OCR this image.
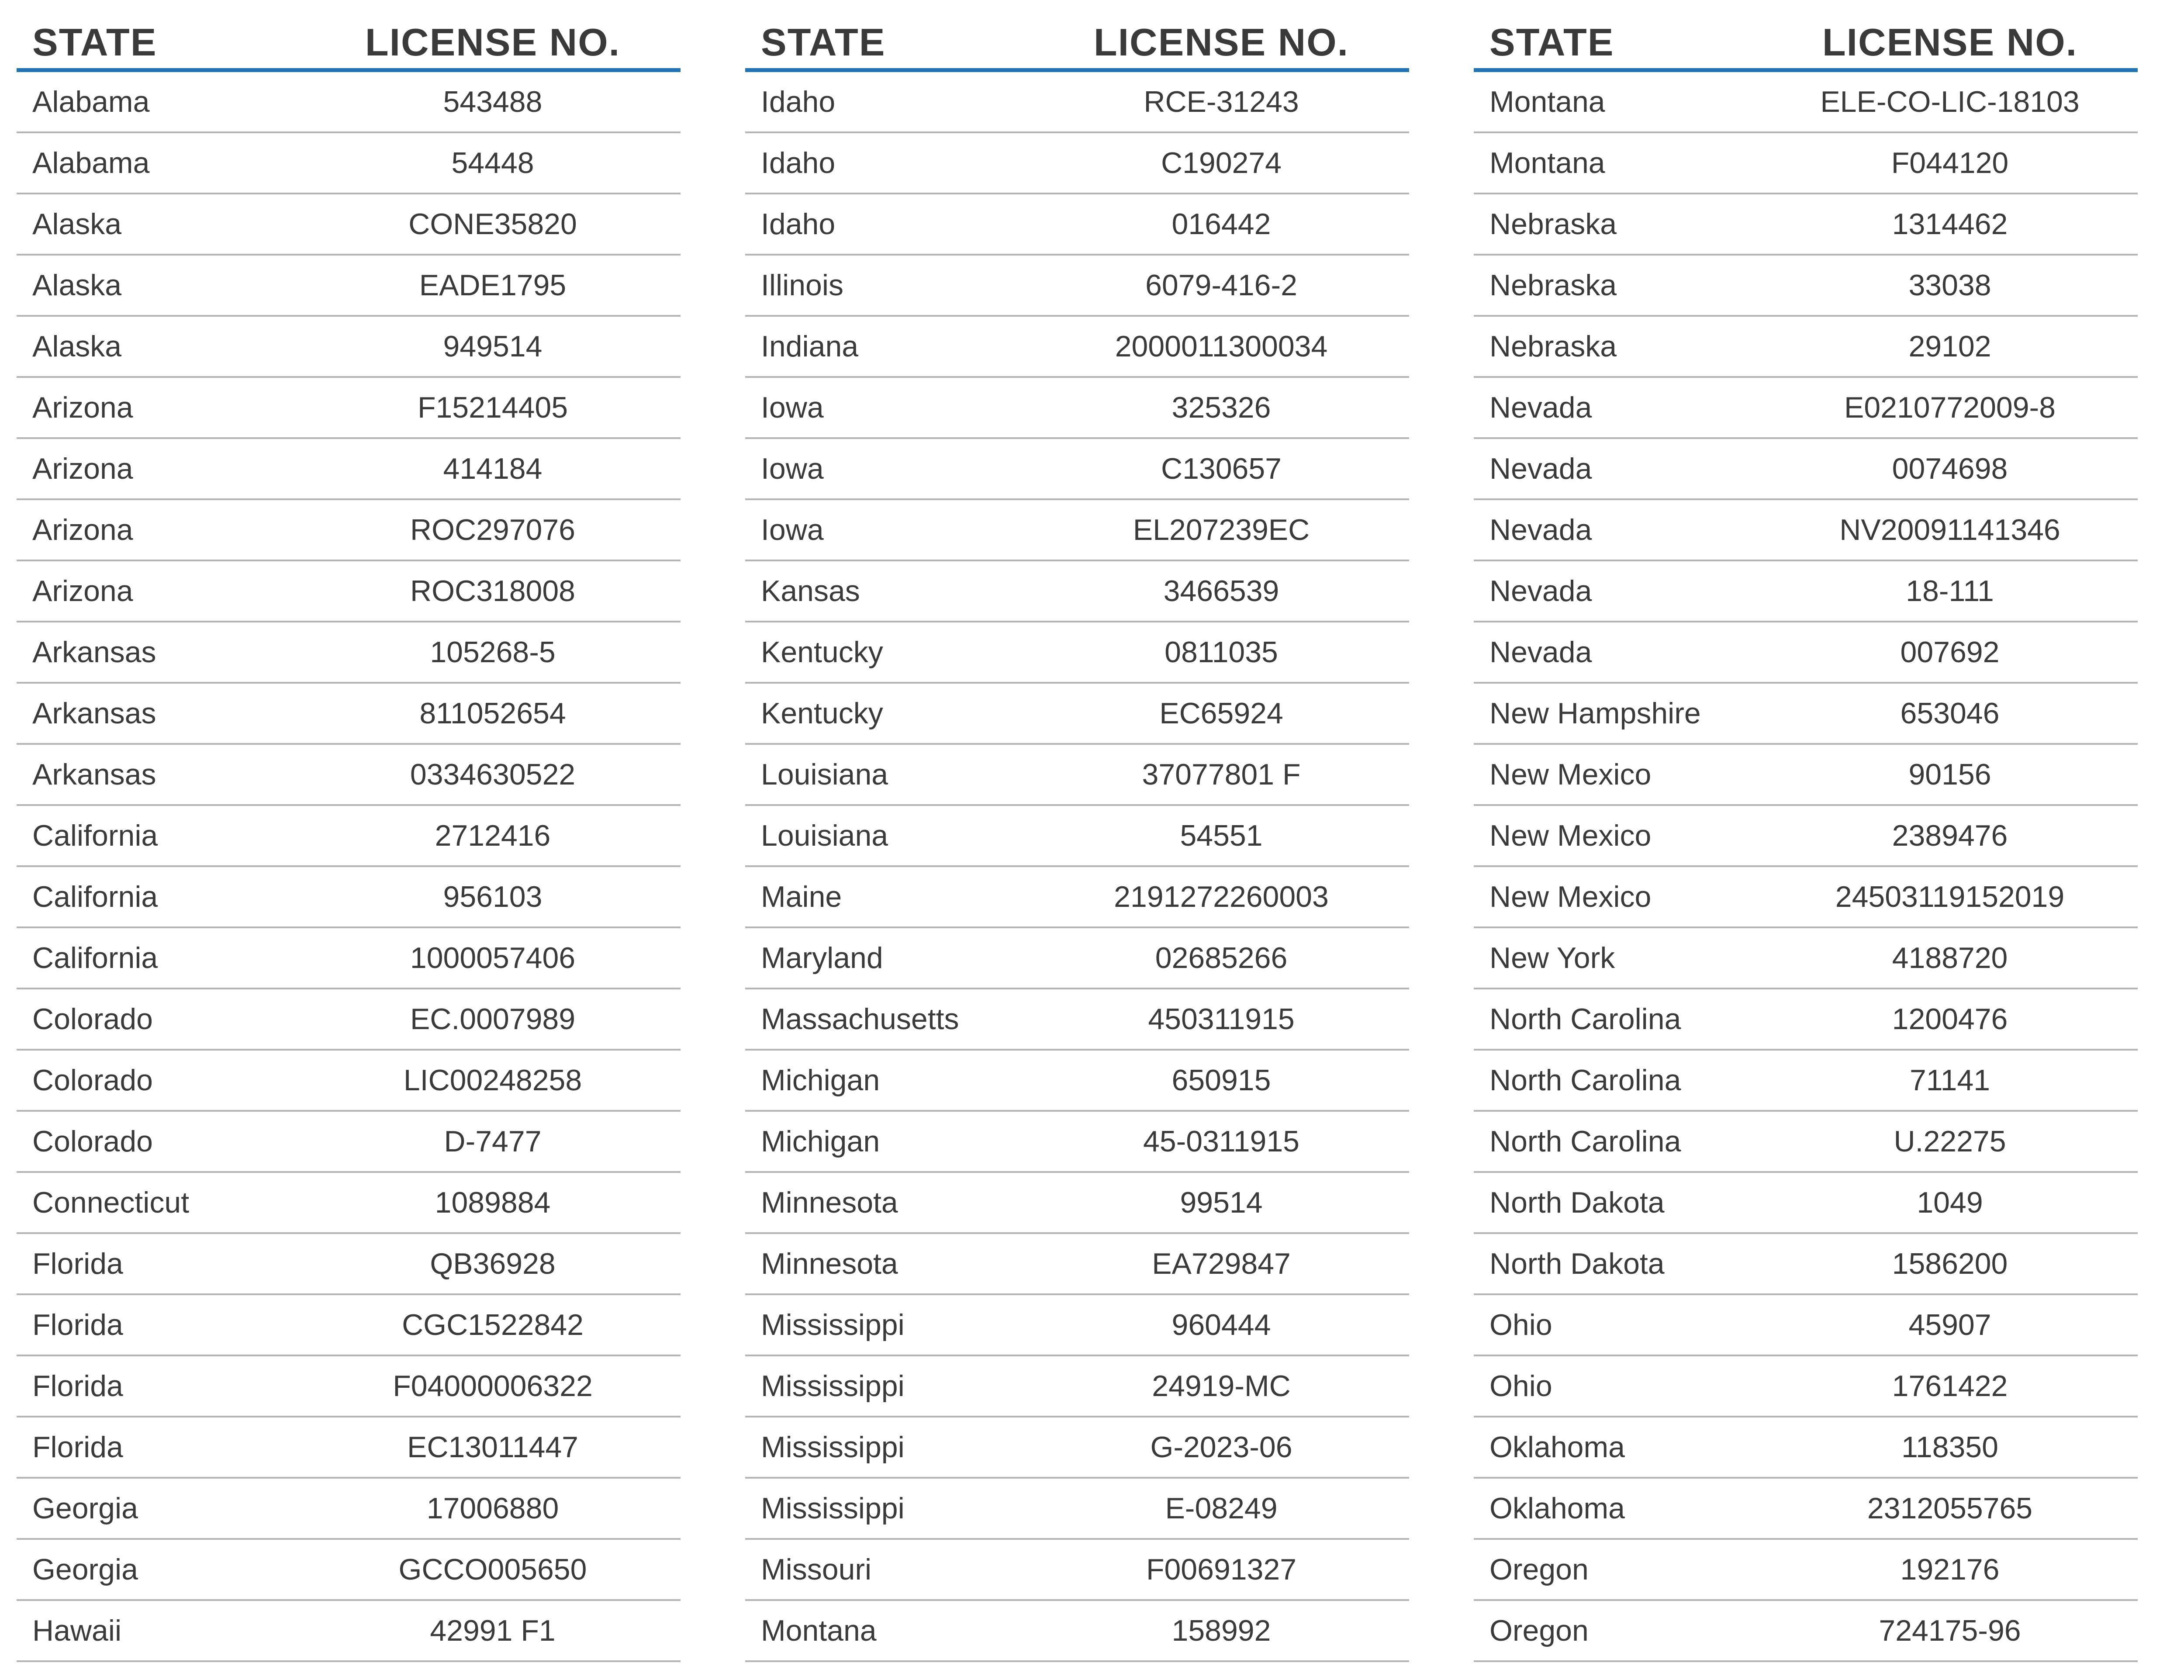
STATE	LICENSE NO.
Alabama	543488
Alabama	54448
Alaska	CONE35820
Alaska	EADE1795
Alaska	949514
Arizona	F15214405
Arizona	414184
Arizona	ROC297076
Arizona	ROC318008
Arkansas	105268-5
Arkansas	811052654
Arkansas	0334630522
California	2712416
California	956103
California	1000057406
Colorado	EC.0007989
Colorado	LIC00248258
Colorado	D-7477
Connecticut	1089884
Florida	QB36928
Florida	CGC1522842
Florida	F04000006322
Florida	EC13011447
Georgia	17006880
Georgia	GCCO005650
Hawaii	42991 F1
STATE	LICENSE NO.
Idaho	RCE-31243
Idaho	C190274
Idaho	016442
Illinois	6079-416-2
Indiana	2000011300034
Iowa	325326
Iowa	C130657
Iowa	EL207239EC
Kansas	3466539
Kentucky	0811035
Kentucky	EC65924
Louisiana	37077801 F
Louisiana	54551
Maine	2191272260003
Maryland	02685266
Massachusetts	450311915
Michigan	650915
Michigan	45-0311915
Minnesota	99514
Minnesota	EA729847
Mississippi	960444
Mississippi	24919-MC
Mississippi	G-2023-06
Mississippi	E-08249
Missouri	F00691327
Montana	158992
STATE	LICENSE NO.
Montana	ELE-CO-LIC-18103
Montana	F044120
Nebraska	1314462
Nebraska	33038
Nebraska	29102
Nevada	E0210772009-8
Nevada	0074698
Nevada	NV20091141346
Nevada	18-111
Nevada	007692
New Hampshire	653046
New Mexico	90156
New Mexico	2389476
New Mexico	24503119152019
New York	4188720
North Carolina	1200476
North Carolina	71141
North Carolina	U.22275
North Dakota	1049
North Dakota	1586200
Ohio	45907
Ohio	1761422
Oklahoma	118350
Oklahoma	2312055765
Oregon	192176
Oregon	724175-96
